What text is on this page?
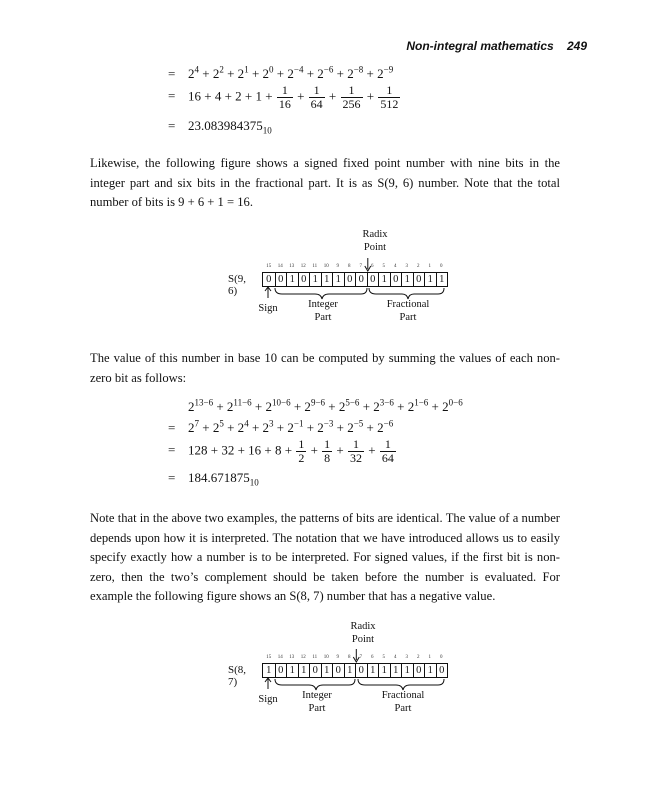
Non-integral mathematics 249
= $2^4 + 2^2 + 2^1 + 2^0 + 2^{-4} + 2^{-6} + 2^{-8} + 2^{-9}$
= $16 + 4 + 2 + 1 + \frac{1}{16} + \frac{1}{64} + \frac{1}{256} + \frac{1}{512}$
= $23.083984375_{10}$
Likewise, the following figure shows a signed fixed point number with nine bits in the integer part and six bits in the fractional part. It is as S(9, 6) number. Note that the total number of bits is 9 + 6 + 1 = 16.
Radix
Point
15	14	13	12	11	10	9	8	7	6	5	4	3	2	1	0
S(9, 6)
0 0 1 0 1 1 1 0 0 0 1 0 1 0 1 1
Sign	Integer
Part
Fractional
Part
The value of this number in base 10 can be computed by summing the values of each non-zero bit as follows:
$2^{13-6} + 2^{11-6} + 2^{10-6} + 2^{9-6} + 2^{5-6} + 2^{3-6} + 2^{1-6} + 2^{0-6}$
= $2^7 + 2^5 + 2^4 + 2^3 + 2^{-1} + 2^{-3} + 2^{-5} + 2^{-6}$
= $128 + 32 + 16 + 8 + \frac{1}{2} + \frac{1}{8} + \frac{1}{32} + \frac{1}{64}$
= $184.671875_{10}$
Note that in the above two examples, the patterns of bits are identical. The value of a number depends upon how it is interpreted. The notation that we have introduced allows us to easily specify exactly how a number is to be interpreted. For signed values, if the first bit is non-zero, then the two’s complement should be taken before the number is evaluated. For example the following figure shows an S(8, 7) number that has a negative value.
Radix
Point
15	14	13	12	11	10	9	8	7	6	5	4	3	2	1	0
S(8, 7)
1 0 1 1 0 1 0 1 0 1 1 1 1 0 1 0
Sign	Integer
Part
Fractional
Part
